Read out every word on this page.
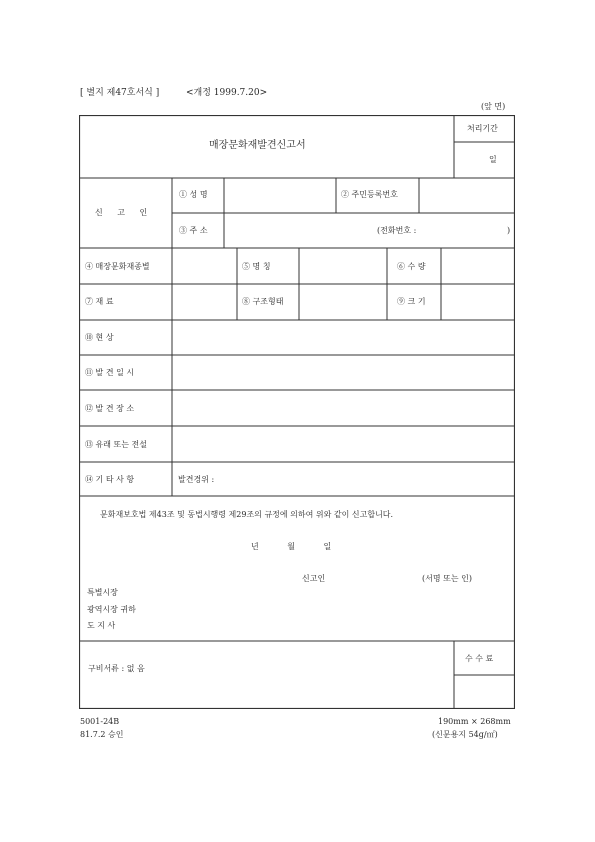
[ 별지 제47호서식 ]	<개정 1999.7.20>
(앞 면)
매장문화재발견신고서
처리기간
일
신 고 인
① 성 명	② 주민등록번호
③ 주 소	(전화번호 :	)
④ 매장문화재종별	⑤ 명 칭	⑥ 수 량
⑦ 재 료	⑧ 구조형태	⑨ 크 기
⑩ 현 상
⑪ 발 견 일 시
⑫ 발 견 장 소
⑬ 유래 또는 전설
⑭ 기 타 사 항	발견경위 :
문화재보호법 제43조 및 동법시행령 제29조의 규정에 의하여 위와 같이 신고합니다.
년 월 일
신고인	(서명 또는 인)
특별시장
광역시장 귀하
도 지 사
구비서류 : 없 음
수 수 료
5001-24B
81.7.2 승인
190mm × 268mm
(신문용지 54g/㎡)
